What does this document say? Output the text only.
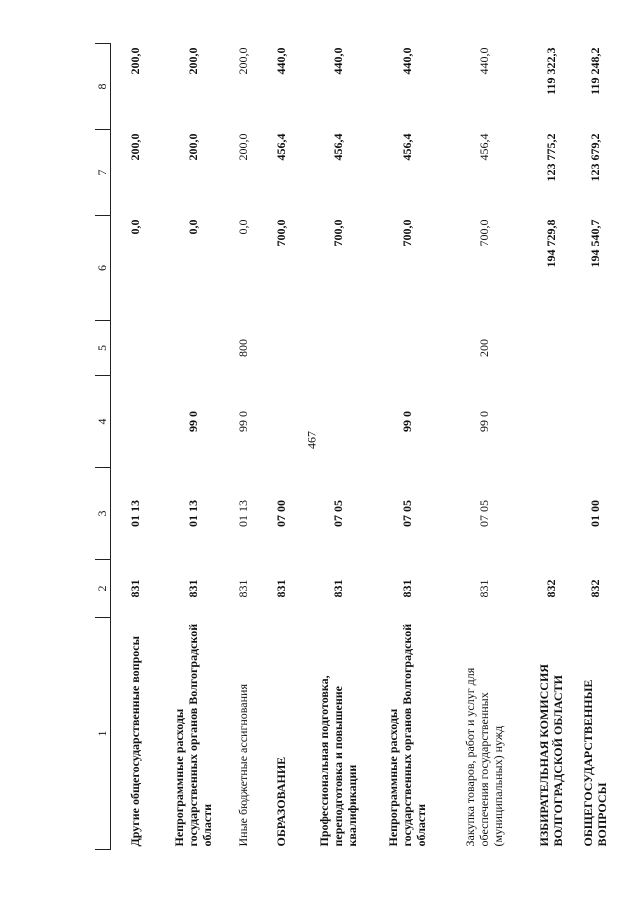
467
1	2	3	4	5	6	7	8
Другие общегосударственные вопросы	831	01 13			0,0	200,0	200,0
Непрограммные расходы государственных органов Волгоградской области	831	01 13	99 0		0,0	200,0	200,0
Иные бюджетные ассигнования	831	01 13	99 0	800	0,0	200,0	200,0
ОБРАЗОВАНИЕ	831	07 00			700,0	456,4	440,0
Профессиональная подготовка, переподготовка и повышение квалификации	831	07 05			700,0	456,4	440,0
Непрограммные расходы государственных органов Волгоградской области	831	07 05	99 0		700,0	456,4	440,0
Закупка товаров, работ и услуг для обеспечения государственных (муниципальных) нужд	831	07 05	99 0	200	700,0	456,4	440,0
ИЗБИРАТЕЛЬНАЯ КОМИССИЯ ВОЛГОГРАДСКОЙ ОБЛАСТИ	832				194 729,8	123 775,2	119 322,3
ОБЩЕГОСУДАРСТВЕННЫЕ ВОПРОСЫ	832	01 00			194 540,7	123 679,2	119 248,2
